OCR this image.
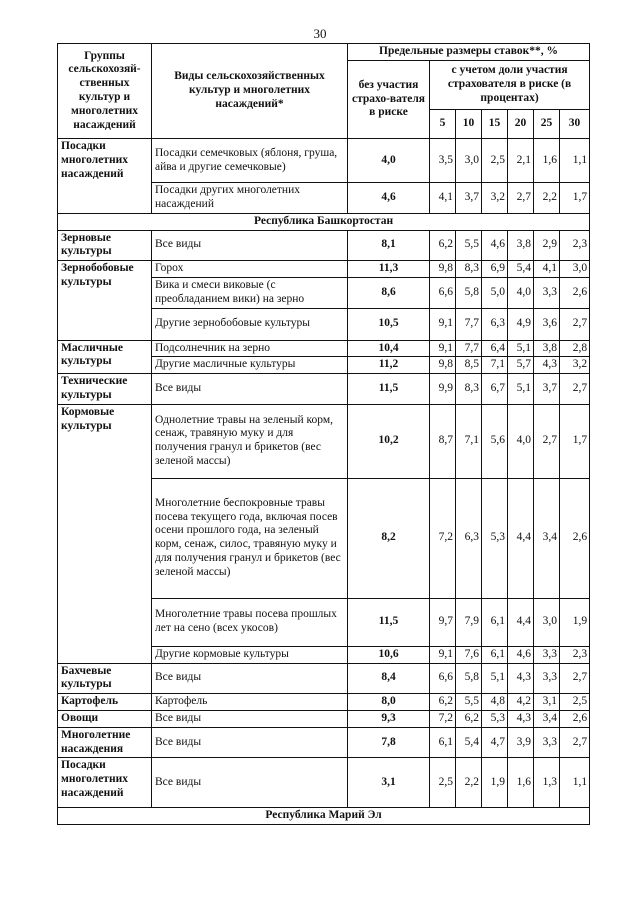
30
Группы сельскохозяй-ственных культур и многолетних насаждений	Виды сельскохозяйственных культур и многолетних насаждений*	Предельные размеры ставок**, %						
		без участия страхо-вателя в риске	с учетом доли участия страхователя в риске (в процентах)					
			5	10	15	20	25	30
Посадки многолетних насаждений	Посадки семечковых (яблоня, груша, айва и другие семечковые)	4,0	3,5	3,0	2,5	2,1	1,6	1,1
	Посадки других многолетних насаждений	4,6	4,1	3,7	3,2	2,7	2,2	1,7
Республика Башкортостан								
Зерновые культуры	Все виды	8,1	6,2	5,5	4,6	3,8	2,9	2,3
Зернобобовые культуры	Горох	11,3	9,8	8,3	6,9	5,4	4,1	3,0
	Вика и смеси виковые (с преобладанием вики) на зерно	8,6	6,6	5,8	5,0	4,0	3,3	2,6
	Другие зернобобовые культуры	10,5	9,1	7,7	6,3	4,9	3,6	2,7
Масличные культуры	Подсолнечник на зерно	10,4	9,1	7,7	6,4	5,1	3,8	2,8
	Другие масличные культуры	11,2	9,8	8,5	7,1	5,7	4,3	3,2
Технические культуры	Все виды	11,5	9,9	8,3	6,7	5,1	3,7	2,7
Кормовые культуры	Однолетние травы на зеленый корм, сенаж, травяную муку и для получения гранул и брикетов (вес зеленой массы)	10,2	8,7	7,1	5,6	4,0	2,7	1,7
	Многолетние беспокровные травы посева текущего года, включая посев осени прошлого года, на зеленый корм, сенаж, силос, травяную муку и для получения гранул и брикетов (вес зеленой массы)	8,2	7,2	6,3	5,3	4,4	3,4	2,6
	Многолетние травы посева прошлых лет на сено (всех укосов)	11,5	9,7	7,9	6,1	4,4	3,0	1,9
	Другие кормовые культуры	10,6	9,1	7,6	6,1	4,6	3,3	2,3
Бахчевые культуры	Все виды	8,4	6,6	5,8	5,1	4,3	3,3	2,7
Картофель	Картофель	8,0	6,2	5,5	4,8	4,2	3,1	2,5
Овощи	Все виды	9,3	7,2	6,2	5,3	4,3	3,4	2,6
Многолетние насаждения	Все виды	7,8	6,1	5,4	4,7	3,9	3,3	2,7
Посадки многолетних насаждений	Все виды	3,1	2,5	2,2	1,9	1,6	1,3	1,1
Республика Марий Эл								
